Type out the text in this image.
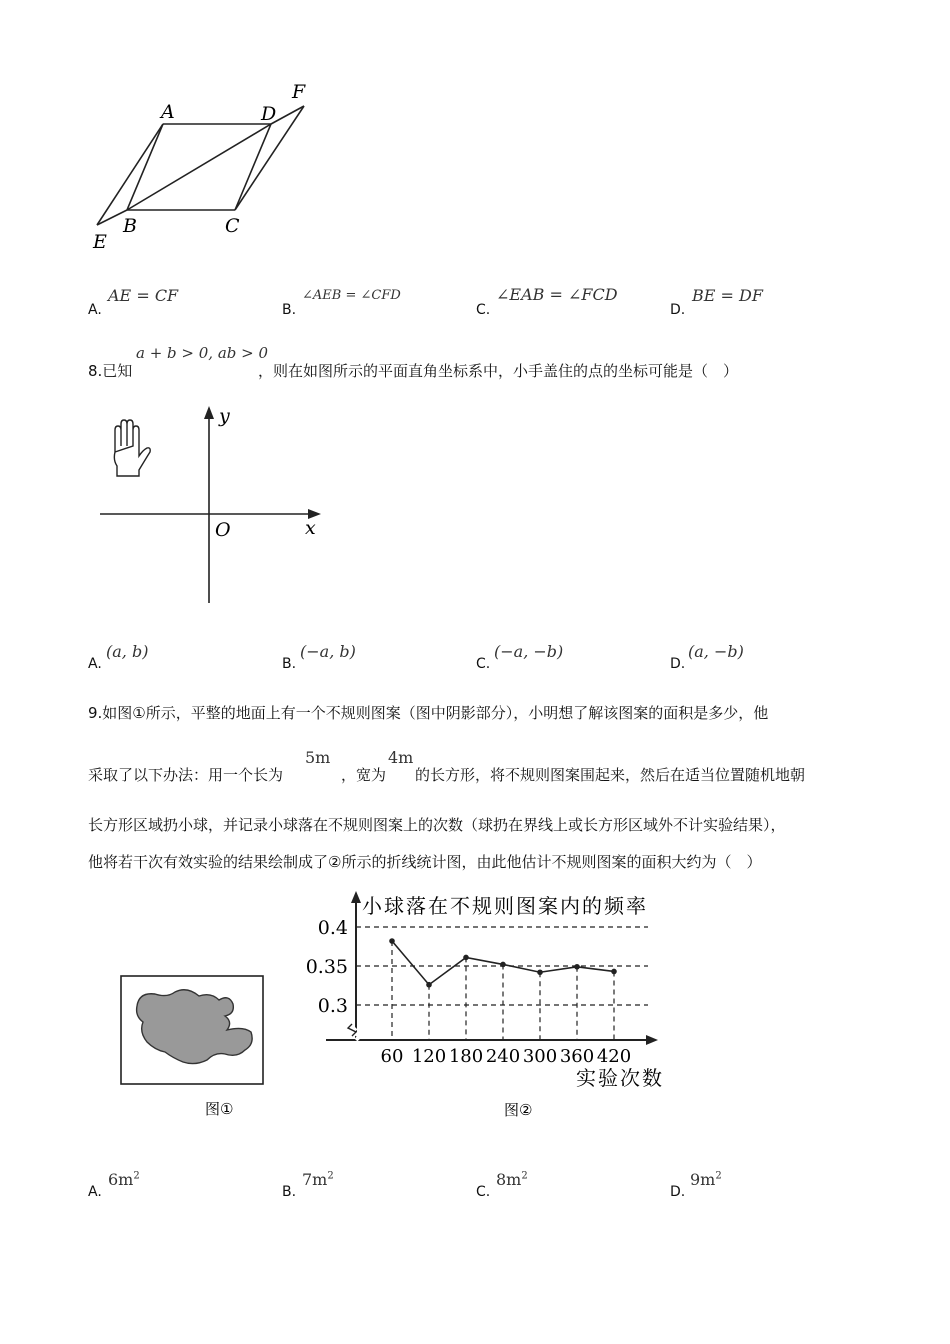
A	D
F
B	C
E
A.
AE = CF
B.
∠AEB = ∠CFD
C.
∠EAB = ∠FCD
D.
BE = DF
8.已知
a + b > 0, ab > 0
，则在如图所示的平面直角坐标系中，小手盖住的点的坐标可能是（　）
y
x
O
A.
(a, b)
B.
(−a, b)
C.
(−a, −b)
D.
(a, −b)
9.如图①所示，平整的地面上有一个不规则图案（图中阴影部分），小明想了解该图案的面积是多少，他
采取了以下办法：用一个长为
5m
，宽为
4m
的长方形，将不规则图案围起来，然后在适当位置随机地朝
长方形区域扔小球，并记录小球落在不规则图案上的次数（球扔在界线上或长方形区域外不计实验结果），
他将若干次有效实验的结果绘制成了②所示的折线统计图，由此他估计不规则图案的面积大约为（　）
图①
小球落在不规则图案内的频率
0.3
0.35
0.4
60 120 180 240 300 360 420
实验次数
图②
A.
$6m^2$
B.
$7m^2$
C.
$8m^2$
D.
$9m^2$
